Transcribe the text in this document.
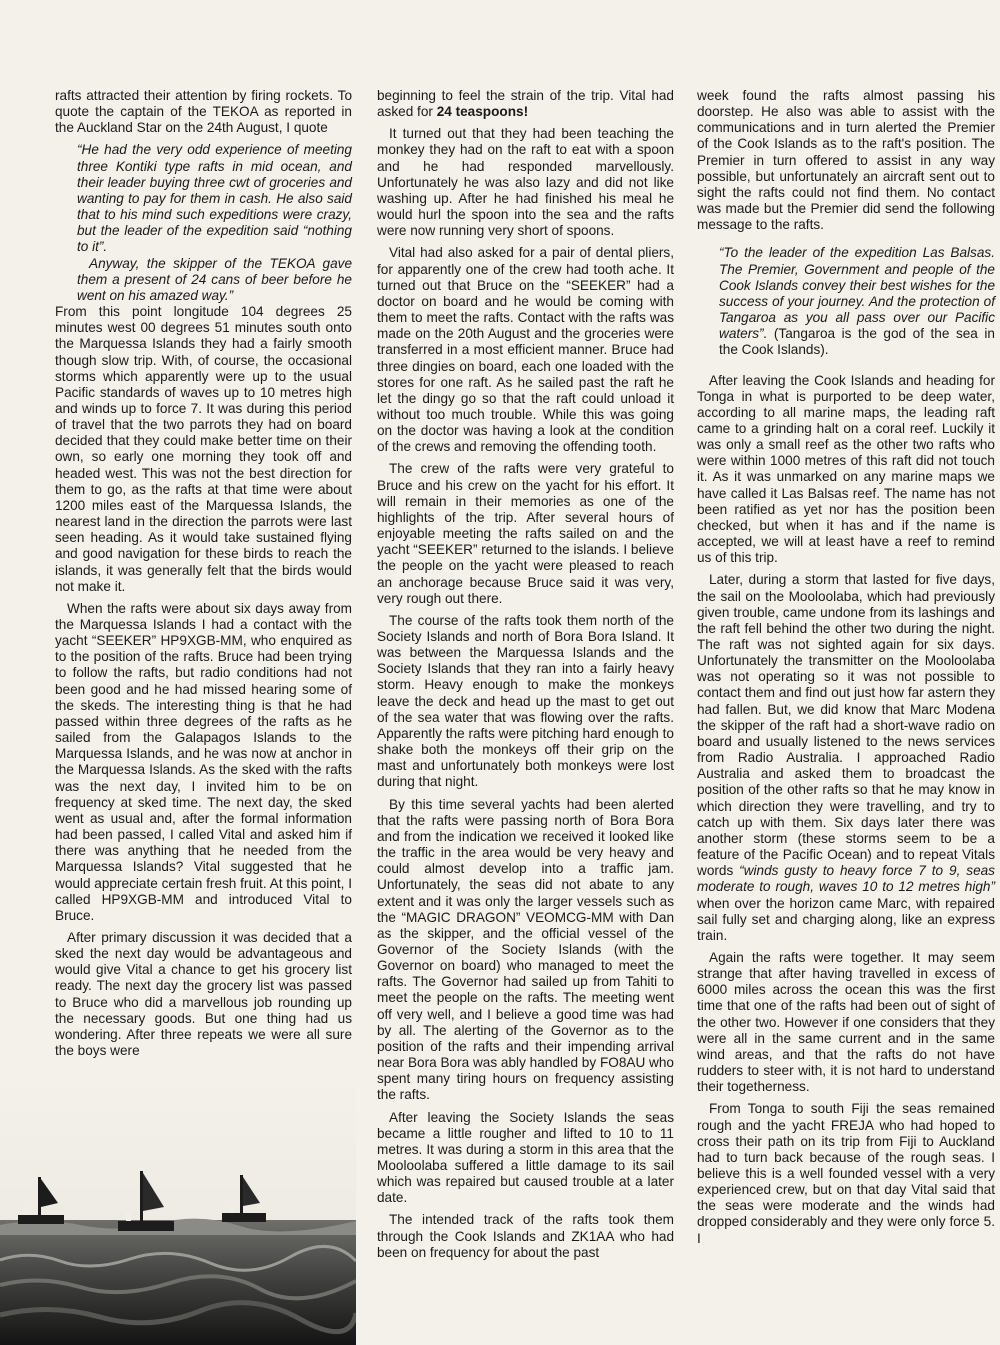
rafts attracted their attention by firing rockets. To quote the captain of the TEKOA as reported in the Auckland Star on the 24th August, I quote

“He had the very odd experience of meeting three Kontiki type rafts in mid ocean, and their leader buying three cwt of groceries and wanting to pay for them in cash. He also said that to his mind such expeditions were crazy, but the leader of the expedition said “nothing to it”.

Anyway, the skipper of the TEKOA gave them a present of 24 cans of beer before he went on his amazed way.”

From this point longitude 104 degrees 25 minutes west 00 degrees 51 minutes south onto the Marquessa Islands they had a fairly smooth though slow trip. With, of course, the occasional storms which apparently were up to the usual Pacific standards of waves up to 10 metres high and winds up to force 7. It was during this period of travel that the two parrots they had on board decided that they could make better time on their own, so early one morning they took off and headed west. This was not the best direction for them to go, as the rafts at that time were about 1200 miles east of the Marquessa Islands, the nearest land in the direction the parrots were last seen heading. As it would take sustained flying and good navigation for these birds to reach the islands, it was generally felt that the birds would not make it.

When the rafts were about six days away from the Marquessa Islands I had a contact with the yacht “SEEKER” HP9XGB-MM, who enquired as to the position of the rafts. Bruce had been trying to follow the rafts, but radio conditions had not been good and he had missed hearing some of the skeds. The interesting thing is that he had passed within three degrees of the rafts as he sailed from the Galapagos Islands to the Marquessa Islands, and he was now at anchor in the Marquessa Islands. As the sked with the rafts was the next day, I invited him to be on frequency at sked time. The next day, the sked went as usual and, after the formal information had been passed, I called Vital and asked him if there was anything that he needed from the Marquessa Islands? Vital suggested that he would appreciate certain fresh fruit. At this point, I called HP9XGB-MM and introduced Vital to Bruce.

After primary discussion it was decided that a sked the next day would be advantageous and would give Vital a chance to get his grocery list ready. The next day the grocery list was passed to Bruce who did a marvellous job rounding up the necessary goods. But one thing had us wondering. After three repeats we were all sure the boys were

beginning to feel the strain of the trip. Vital had asked for 24 teaspoons!

It turned out that they had been teaching the monkey they had on the raft to eat with a spoon and he had responded marvellously. Unfortunately he was also lazy and did not like washing up. After he had finished his meal he would hurl the spoon into the sea and the rafts were now running very short of spoons.

Vital had also asked for a pair of dental pliers, for apparently one of the crew had tooth ache. It turned out that Bruce on the “SEEKER” had a doctor on board and he would be coming with them to meet the rafts. Contact with the rafts was made on the 20th August and the groceries were transferred in a most efficient manner. Bruce had three dingies on board, each one loaded with the stores for one raft. As he sailed past the raft he let the dingy go so that the raft could unload it without too much trouble. While this was going on the doctor was having a look at the condition of the crews and removing the offending tooth.

The crew of the rafts were very grateful to Bruce and his crew on the yacht for his effort. It will remain in their memories as one of the highlights of the trip. After several hours of enjoyable meeting the rafts sailed on and the yacht “SEEKER” returned to the islands. I believe the people on the yacht were pleased to reach an anchorage because Bruce said it was very, very rough out there.

The course of the rafts took them north of the Society Islands and north of Bora Bora Island. It was between the Marquessa Islands and the Society Islands that they ran into a fairly heavy storm. Heavy enough to make the monkeys leave the deck and head up the mast to get out of the sea water that was flowing over the rafts. Apparently the rafts were pitching hard enough to shake both the monkeys off their grip on the mast and unfortunately both monkeys were lost during that night.

By this time several yachts had been alerted that the rafts were passing north of Bora Bora and from the indication we received it looked like the traffic in the area would be very heavy and could almost develop into a traffic jam. Unfortunately, the seas did not abate to any extent and it was only the larger vessels such as the “MAGIC DRAGON” VEOMCG-MM with Dan as the skipper, and the official vessel of the Governor of the Society Islands (with the Governor on board) who managed to meet the rafts. The Governor had sailed up from Tahiti to meet the people on the rafts. The meeting went off very well, and I believe a good time was had by all. The alerting of the Governor as to the position of the rafts and their impending arrival near Bora Bora was ably handled by FO8AU who spent many tiring hours on frequency assisting the rafts.

After leaving the Society Islands the seas became a little rougher and lifted to 10 to 11 metres. It was during a storm in this area that the Mooloolaba suffered a little damage to its sail which was repaired but caused trouble at a later date.

The intended track of the rafts took them through the Cook Islands and ZK1AA who had been on frequency for about the past

week found the rafts almost passing his doorstep. He also was able to assist with the communications and in turn alerted the Premier of the Cook Islands as to the raft's position. The Premier in turn offered to assist in any way possible, but unfortunately an aircraft sent out to sight the rafts could not find them. No contact was made but the Premier did send the following message to the rafts.

“To the leader of the expedition Las Balsas. The Premier, Government and people of the Cook Islands convey their best wishes for the success of your journey. And the protection of Tangaroa as you all pass over our Pacific waters”. (Tangaroa is the god of the sea in the Cook Islands).

After leaving the Cook Islands and heading for Tonga in what is purported to be deep water, according to all marine maps, the leading raft came to a grinding halt on a coral reef. Luckily it was only a small reef as the other two rafts who were within 1000 metres of this raft did not touch it. As it was unmarked on any marine maps we have called it Las Balsas reef. The name has not been ratified as yet nor has the position been checked, but when it has and if the name is accepted, we will at least have a reef to remind us of this trip.

Later, during a storm that lasted for five days, the sail on the Mooloolaba, which had previously given trouble, came undone from its lashings and the raft fell behind the other two during the night. The raft was not sighted again for six days. Unfortunately the transmitter on the Mooloolaba was not operating so it was not possible to contact them and find out just how far astern they had fallen. But, we did know that Marc Modena the skipper of the raft had a short-wave radio on board and usually listened to the news services from Radio Australia. I approached Radio Australia and asked them to broadcast the position of the other rafts so that he may know in which direction they were travelling, and try to catch up with them. Six days later there was another storm (these storms seem to be a feature of the Pacific Ocean) and to repeat Vitals words “winds gusty to heavy force 7 to 9, seas moderate to rough, waves 10 to 12 metres high” when over the horizon came Marc, with repaired sail fully set and charging along, like an express train.

Again the rafts were together. It may seem strange that after having travelled in excess of 6000 miles across the ocean this was the first time that one of the rafts had been out of sight of the other two. However if one considers that they were all in the same current and in the same wind areas, and that the rafts do not have rudders to steer with, it is not hard to understand their togetherness.

From Tonga to south Fiji the seas remained rough and the yacht FREJA who had hoped to cross their path on its trip from Fiji to Auckland had to turn back because of the rough seas. I believe this is a well founded vessel with a very experienced crew, but on that day Vital said that the seas were moderate and the winds had dropped considerably and they were only force 5. I
